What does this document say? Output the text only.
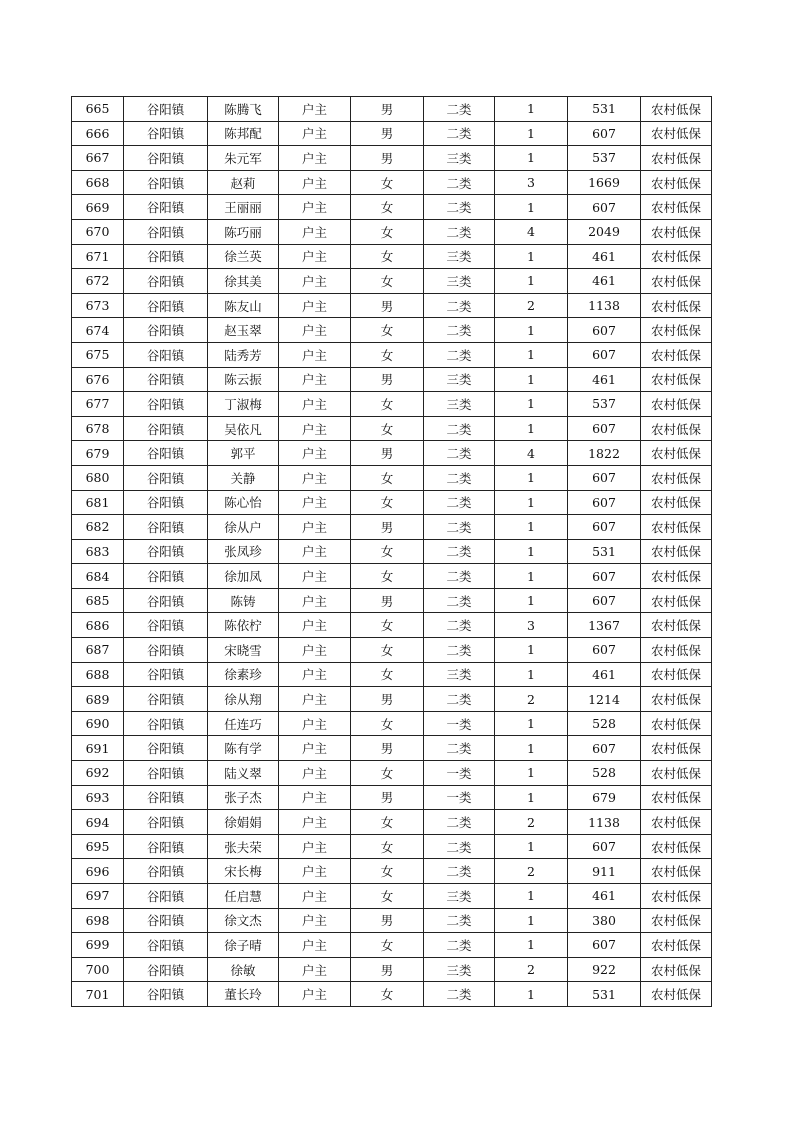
665	谷阳镇	陈腾飞	户主	男	二类	1	531	农村低保
666	谷阳镇	陈邦配	户主	男	二类	1	607	农村低保
667	谷阳镇	朱元军	户主	男	三类	1	537	农村低保
668	谷阳镇	赵莉	户主	女	二类	3	1669	农村低保
669	谷阳镇	王丽丽	户主	女	二类	1	607	农村低保
670	谷阳镇	陈巧丽	户主	女	二类	4	2049	农村低保
671	谷阳镇	徐兰英	户主	女	三类	1	461	农村低保
672	谷阳镇	徐其美	户主	女	三类	1	461	农村低保
673	谷阳镇	陈友山	户主	男	二类	2	1138	农村低保
674	谷阳镇	赵玉翠	户主	女	二类	1	607	农村低保
675	谷阳镇	陆秀芳	户主	女	二类	1	607	农村低保
676	谷阳镇	陈云振	户主	男	三类	1	461	农村低保
677	谷阳镇	丁淑梅	户主	女	三类	1	537	农村低保
678	谷阳镇	吴依凡	户主	女	二类	1	607	农村低保
679	谷阳镇	郭平	户主	男	二类	4	1822	农村低保
680	谷阳镇	关静	户主	女	二类	1	607	农村低保
681	谷阳镇	陈心怡	户主	女	二类	1	607	农村低保
682	谷阳镇	徐从户	户主	男	二类	1	607	农村低保
683	谷阳镇	张凤珍	户主	女	二类	1	531	农村低保
684	谷阳镇	徐加凤	户主	女	二类	1	607	农村低保
685	谷阳镇	陈铸	户主	男	二类	1	607	农村低保
686	谷阳镇	陈依柠	户主	女	二类	3	1367	农村低保
687	谷阳镇	宋晓雪	户主	女	二类	1	607	农村低保
688	谷阳镇	徐素珍	户主	女	三类	1	461	农村低保
689	谷阳镇	徐从翔	户主	男	二类	2	1214	农村低保
690	谷阳镇	任连巧	户主	女	一类	1	528	农村低保
691	谷阳镇	陈有学	户主	男	二类	1	607	农村低保
692	谷阳镇	陆义翠	户主	女	一类	1	528	农村低保
693	谷阳镇	张子杰	户主	男	一类	1	679	农村低保
694	谷阳镇	徐娟娟	户主	女	二类	2	1138	农村低保
695	谷阳镇	张夫荣	户主	女	二类	1	607	农村低保
696	谷阳镇	宋长梅	户主	女	二类	2	911	农村低保
697	谷阳镇	任启慧	户主	女	三类	1	461	农村低保
698	谷阳镇	徐文杰	户主	男	二类	1	380	农村低保
699	谷阳镇	徐子晴	户主	女	二类	1	607	农村低保
700	谷阳镇	徐敏	户主	男	三类	2	922	农村低保
701	谷阳镇	董长玲	户主	女	二类	1	531	农村低保
